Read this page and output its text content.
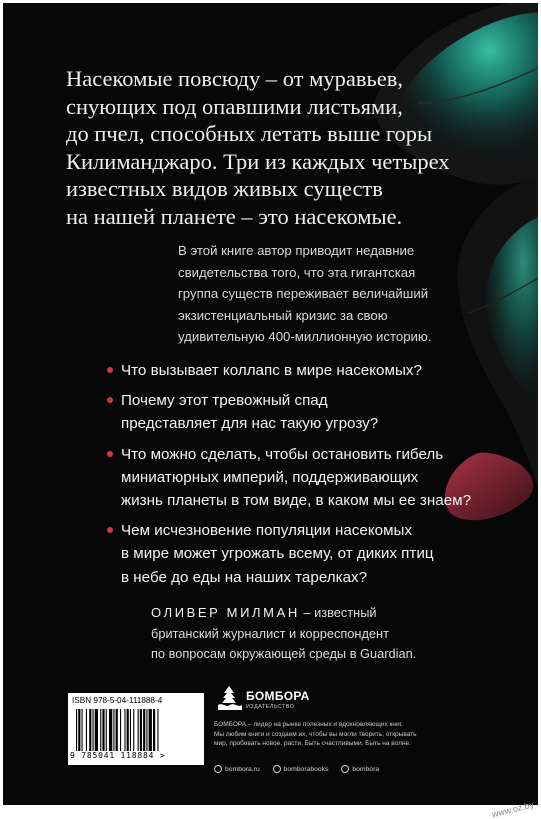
Насекомые повсюду – от муравьев,
снующих под опавшими листьями,
до пчел, способных летать выше горы
Килиманджаро. Три из каждых четырех
известных видов живых существ
на нашей планете – это насекомые.
В этой книге автор приводит недавние
свидетельства того, что эта гигантская
группа существ переживает величайший
экзистенциальный кризис за свою
удивительную 400-миллионную историю.
Что вызывает коллапс в мире насекомых?
Почему этот тревожный спад
представляет для нас такую угрозу?
Что можно сделать, чтобы остановить гибель
миниатюрных империй, поддерживающих
жизнь планеты в том виде, в каком мы ее знаем?
Чем исчезновение популяции насекомых
в мире может угрожать всему, от диких птиц
в небе до еды на наших тарелках?
ОЛИВЕР МИЛМАН – известный
британский журналист и корреспондент
по вопросам окружающей среды в Guardian.
ISBN 978-5-04-111888-4
9 785041 118884 >
БОМБОРА
ИЗДАТЕЛЬСТВО
БОМБОРА – лидер на рынке полезных и вдохновляющих книг.
Мы любим книги и создаем их, чтобы вы могли творить, открывать
мир, пробовать новое, расти. Быть счастливыми. Быть на волне.
bombora.ru	bomborabooks	bombora
www.oz.by
